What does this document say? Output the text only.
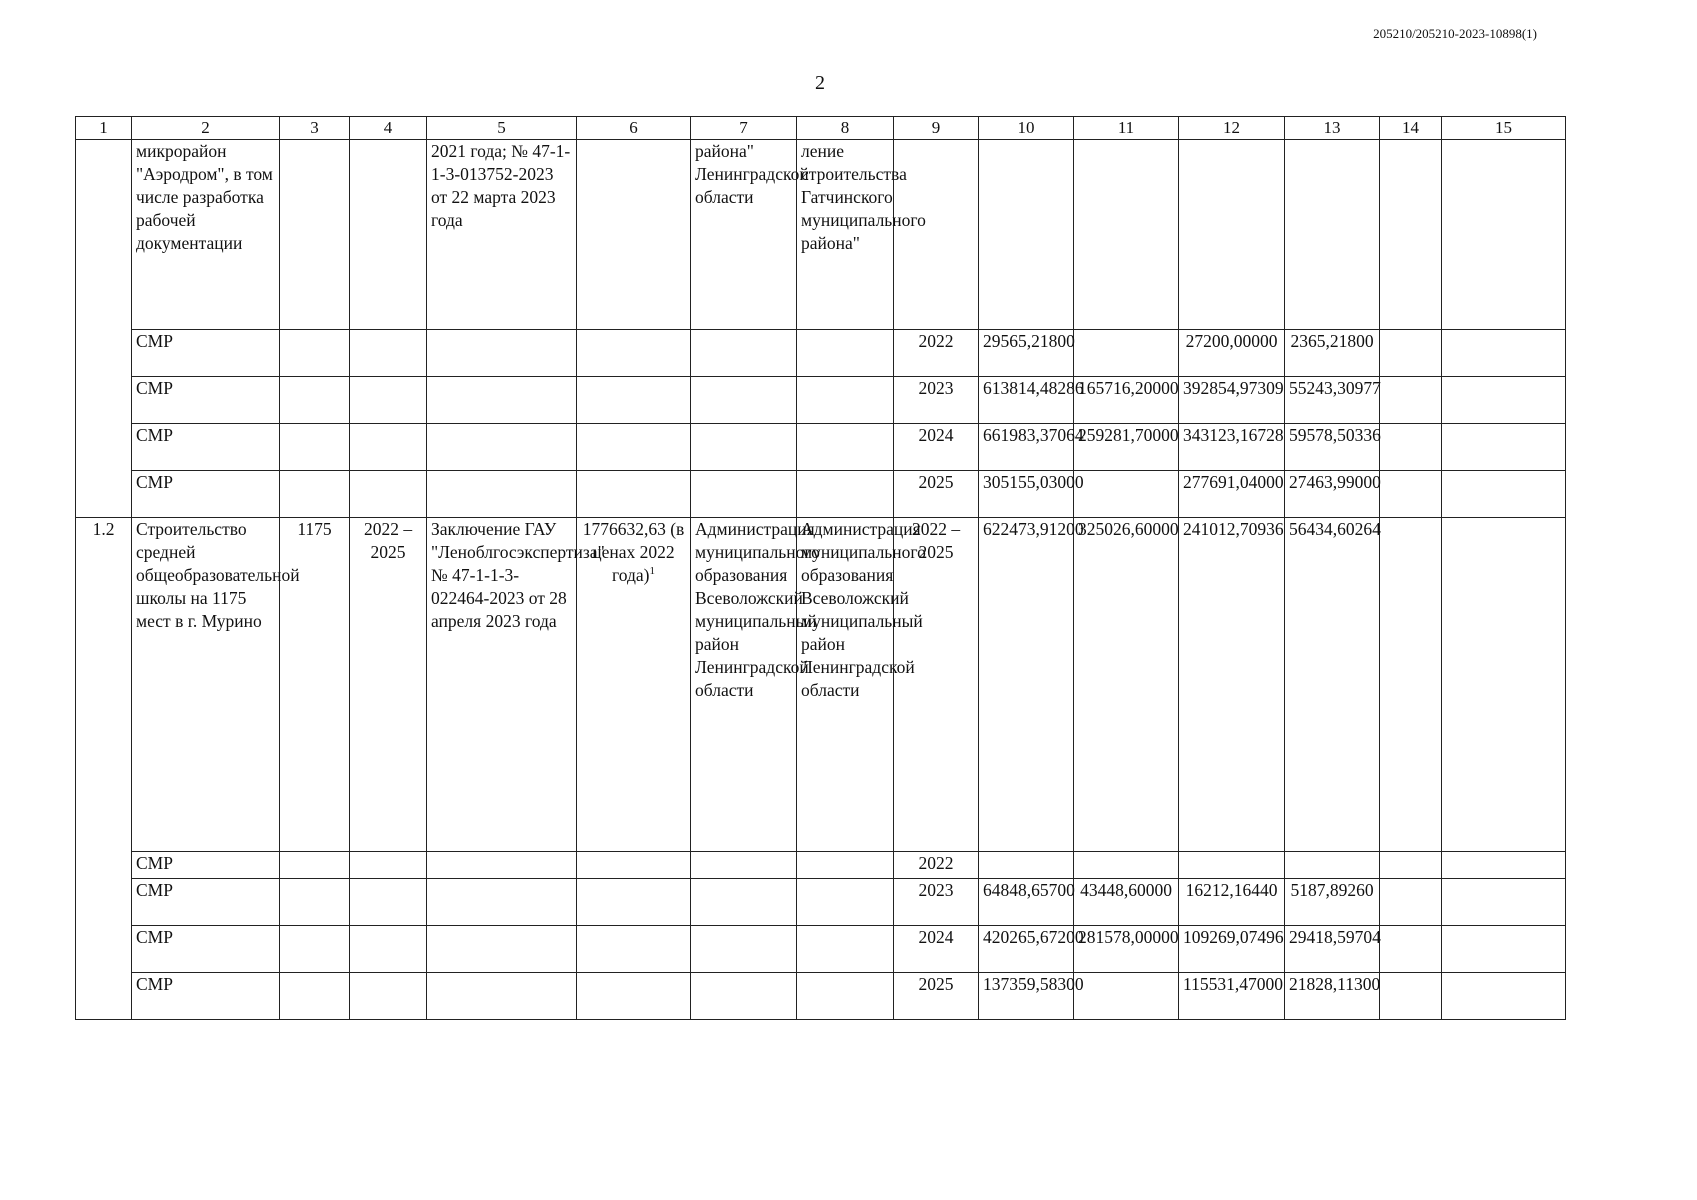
205210/205210-2023-10898(1)
2
1	2	3	4	5	6	7	8	9	10	11	12	13	14	15
	микрорайон "Аэродром", в том числе разработка рабочей документации			2021 года; № 47-1-1-3-013752-2023 от 22 марта 2023 года		района" Ленинградской области	ление строительства Гатчинского муниципального района"							
	СМР							2022	29565,21800		27200,00000	2365,21800		
	СМР							2023	613814,48286	165716,20000	392854,97309	55243,30977		
	СМР							2024	661983,37064	259281,70000	343123,16728	59578,50336		
	СМР							2025	305155,03000		277691,04000	27463,99000		
1.2	Строительство средней общеобразовательной школы на 1175 мест в г. Мурино	1175	2022 – 2025	Заключение ГАУ "Леноблгосэкспертиза" № 47-1-1-3-022464-2023 от 28 апреля 2023 года	1776632,63 (в ценах 2022 года)$^1$	Администрация муниципального образования Всеволожский муниципальный район Ленинградской области	Администрация муниципального образования Всеволожский муниципальный район Ленинградской области	2022 – 2025	622473,91200	325026,60000	241012,70936	56434,60264		
	СМР							2022						
	СМР							2023	64848,65700	43448,60000	16212,16440	5187,89260		
	СМР							2024	420265,67200	281578,00000	109269,07496	29418,59704		
	СМР							2025	137359,58300		115531,47000	21828,11300		
